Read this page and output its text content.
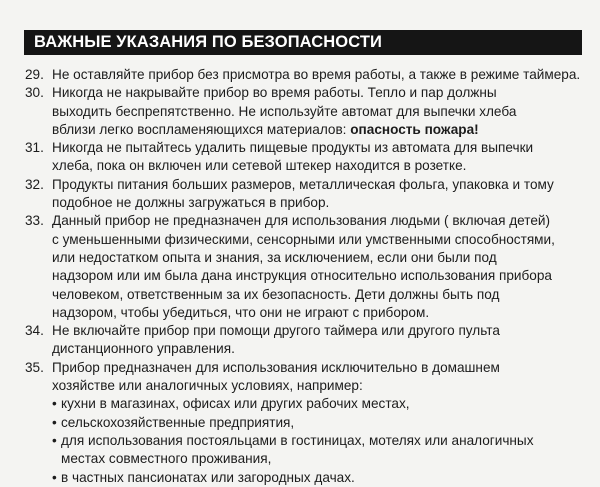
ВАЖНЫЕ УКАЗАНИЯ ПО БЕЗОПАСНОСТИ
29. Не оставляйте прибор без присмотра во время работы, а также в режиме таймера.
30. Никогда не накрывайте прибор во время работы. Тепло и пар должны
выходить беспрепятственно. Не используйте автомат для выпечки хлеба
вблизи легко воспламеняющихся материалов: опасность пожара!
31. Никогда не пытайтесь удалить пищевые продукты из автомата для выпечки
хлеба, пока он включен или сетевой штекер находится в розетке.
32. Продукты питания больших размеров, металлическая фольга, упаковка и тому
подобное не должны загружаться в прибор.
33. Данный прибор не предназначен для использования людьми ( включая детей)
с уменьшенными физическими, сенсорными или умственными способностями,
или недостатком опыта и знания, за исключением, если они были под
надзором или им была дана инструкция относительно использования прибора
человеком, ответственным за их безопасность. Дети должны быть под
надзором, чтобы убедиться, что они не играют с прибором.
34. Не включайте прибор при помощи другого таймера или другого пульта
дистанционного управления.
35. Прибор предназначен для использования исключительно в домашнем
хозяйстве или аналогичных условиях, например:
• кухни в магазинах, офисах или других рабочих местах,
• сельскохозяйственные предприятия,
• для использования постояльцами в гостиницах, мотелях или аналогичных
местах совместного проживания,
• в частных пансионатах или загородных дачах.
